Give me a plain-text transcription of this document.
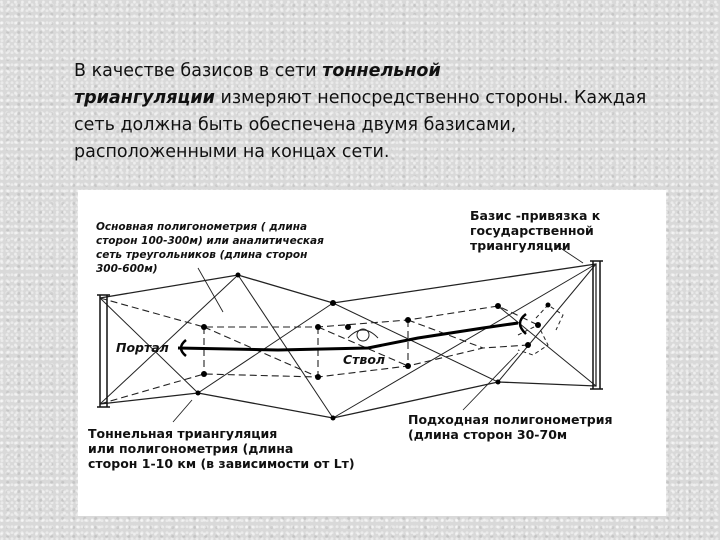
В качестве базисов в сети тоннельной
триангуляции измеряют непосредственно стороны. Каждая сеть должна быть обеспечена двумя базисами, расположенными на концах сети.
Основная полигонометрия ( длина
сторон 100-300м) или аналитическая
сеть треугольников (длина сторон
300-600м)
Базис -привязка к
государственной
триангуляции
Портал
Ствол
Подходная полигонометрия
(длина сторон 30-70м
Тоннельная триангуляция
или полигонометрия (длина
сторон 1-10 км (в зависимости от Lт)
